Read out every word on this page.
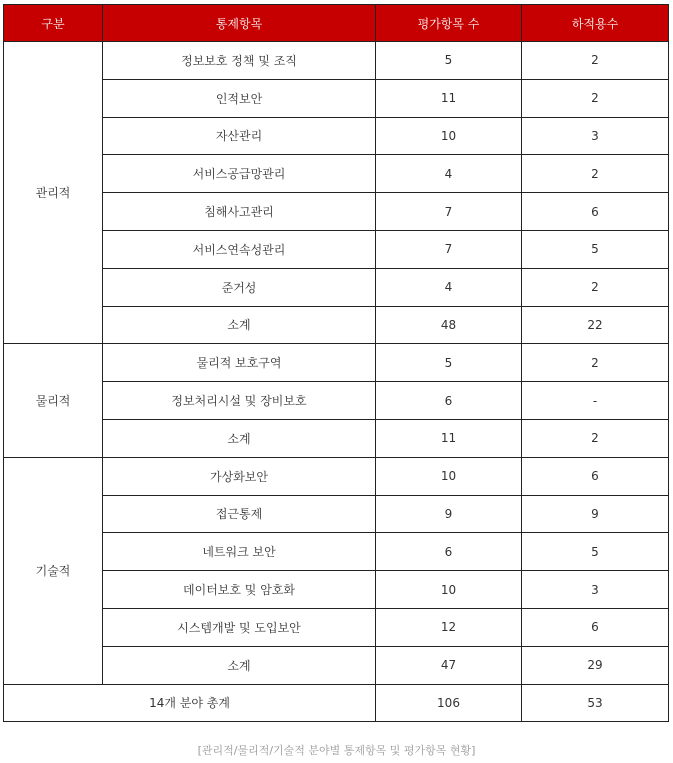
구분	통제항목	평가항목 수	하적용수
관리적	정보보호 정책 및 조직	5	2
	인적보안	11	2
	자산관리	10	3
	서비스공급망관리	4	2
	침해사고관리	7	6
	서비스연속성관리	7	5
	준거성	4	2
	소계	48	22
물리적	물리적 보호구역	5	2
	정보처리시설 및 장비보호	6	-
	소계	11	2
기술적	가상화보안	10	6
	접근통제	9	9
	네트워크 보안	6	5
	데이터보호 및 암호화	10	3
	시스템개발 및 도입보안	12	6
	소계	47	29
14개 분야 총계		106	53
[관리적/물리적/기술적 분야별 통제항목 및 평가항목 현황]
